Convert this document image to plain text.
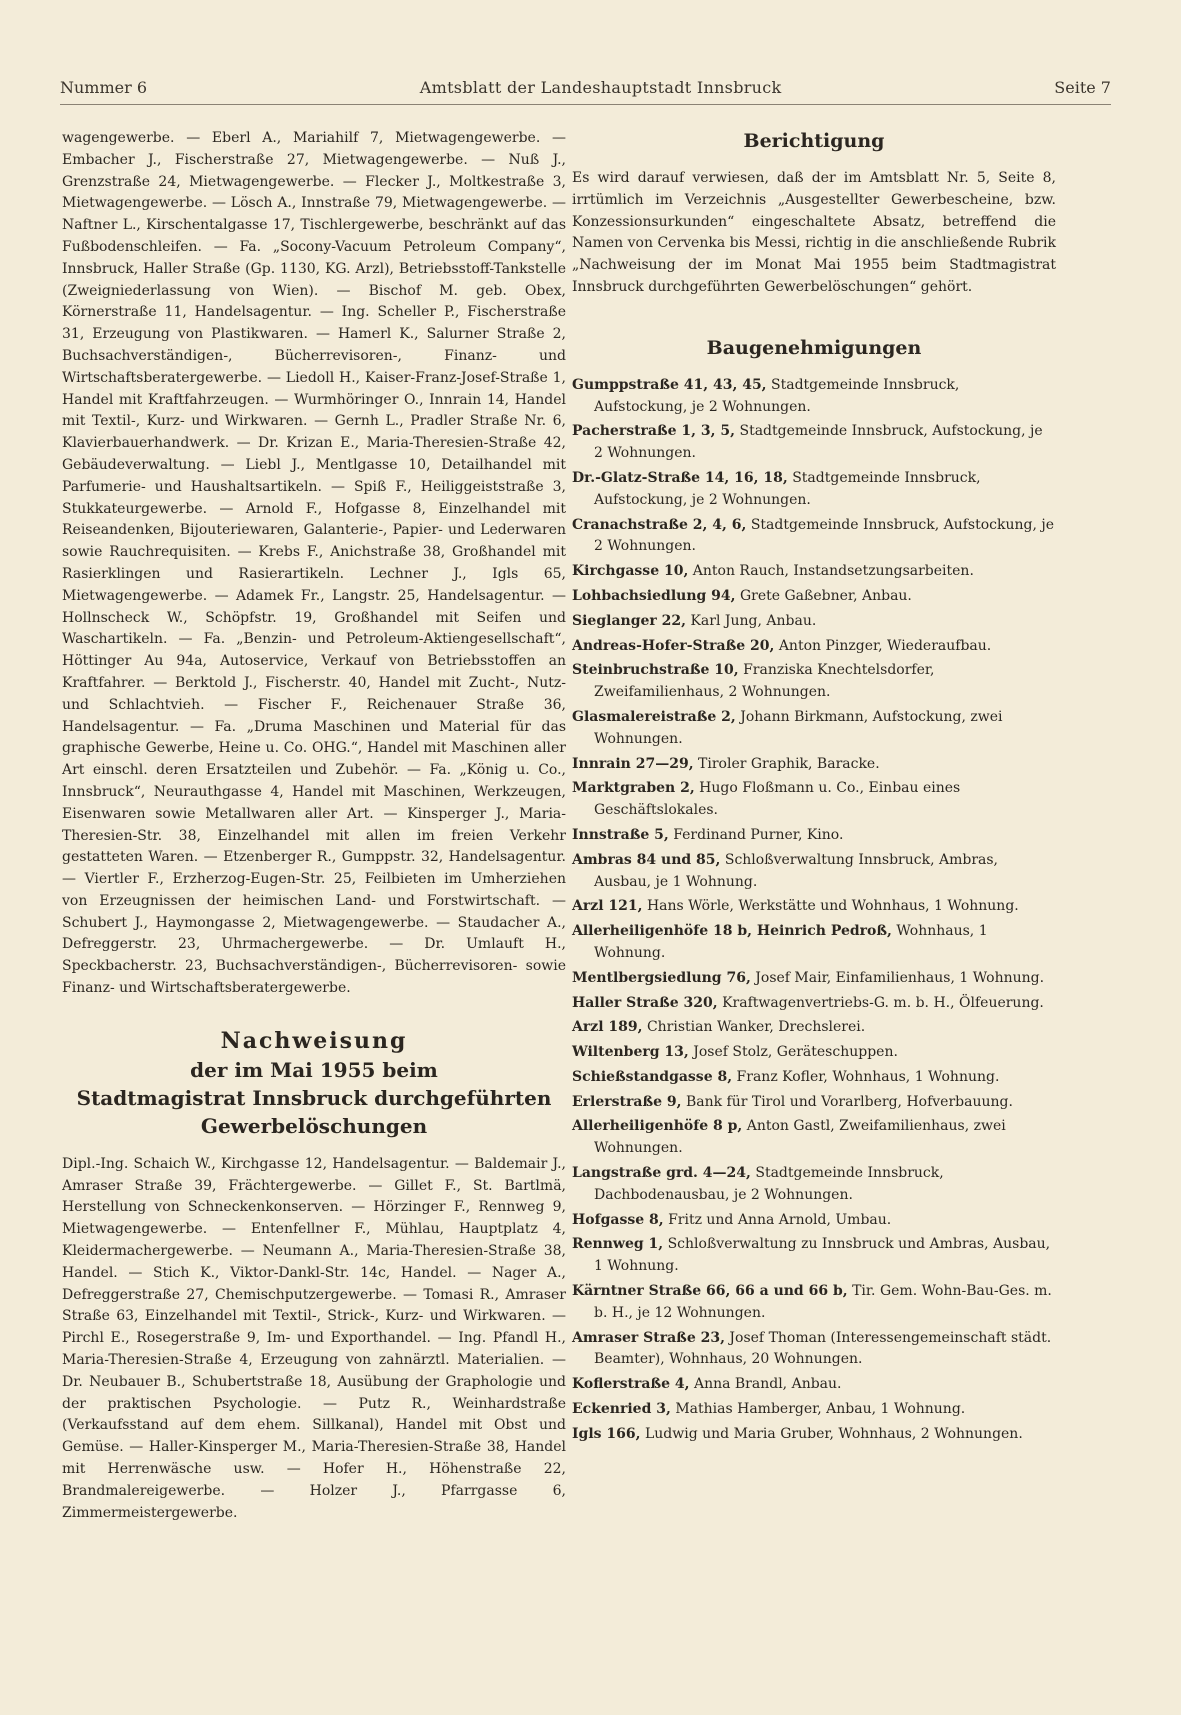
Nummer 6	Amtsblatt der Landeshauptstadt Innsbruck	Seite 7

wagengewerbe. — Eberl A., Mariahilf 7, Mietwagengewerbe. — Embacher J., Fischerstraße 27, Mietwagengewerbe. — Nuß J., Grenzstraße 24, Mietwagengewerbe. — Flecker J., Moltkestraße 3, Mietwagengewerbe. — Lösch A., Innstraße 79, Mietwagengewerbe. — Naftner L., Kirschentalgasse 17, Tischlergewerbe, beschränkt auf das Fußbodenschleifen. — Fa. „Socony-Vacuum Petroleum Company“, Innsbruck, Haller Straße (Gp. 1130, KG. Arzl), Betriebsstoff-Tankstelle (Zweigniederlassung von Wien). — Bischof M. geb. Obex, Körnerstraße 11, Handelsagentur. — Ing. Scheller P., Fischerstraße 31, Erzeugung von Plastikwaren. — Hamerl K., Salurner Straße 2, Buchsachverständigen-, Bücherrevisoren-, Finanz- und Wirtschaftsberatergewerbe. — Liedoll H., Kaiser-Franz-Josef-Straße 1, Handel mit Kraftfahrzeugen. — Wurmhöringer O., Innrain 14, Handel mit Textil-, Kurz- und Wirkwaren. — Gernh L., Pradler Straße Nr. 6, Klavierbauerhandwerk. — Dr. Krizan E., Maria-Theresien-Straße 42, Gebäudeverwaltung. — Liebl J., Mentlgasse 10, Detailhandel mit Parfumerie- und Haushaltsartikeln. — Spiß F., Heiliggeiststraße 3, Stukkateurgewerbe. — Arnold F., Hofgasse 8, Einzelhandel mit Reiseandenken, Bijouteriewaren, Galanterie-, Papier- und Lederwaren sowie Rauchrequisiten. — Krebs F., Anichstraße 38, Großhandel mit Rasierklingen und Rasierartikeln. Lechner J., Igls 65, Mietwagengewerbe. — Adamek Fr., Langstr. 25, Handelsagentur. — Hollnscheck W., Schöpfstr. 19, Großhandel mit Seifen und Waschartikeln. — Fa. „Benzin- und Petroleum-Aktiengesellschaft“, Höttinger Au 94a, Autoservice, Verkauf von Betriebsstoffen an Kraftfahrer. — Berktold J., Fischerstr. 40, Handel mit Zucht-, Nutz- und Schlachtvieh. — Fischer F., Reichenauer Straße 36, Handelsagentur. — Fa. „Druma Maschinen und Material für das graphische Gewerbe, Heine u. Co. OHG.“, Handel mit Maschinen aller Art einschl. deren Ersatzteilen und Zubehör. — Fa. „König u. Co., Innsbruck“, Neurauthgasse 4, Handel mit Maschinen, Werkzeugen, Eisenwaren sowie Metallwaren aller Art. — Kinsperger J., Maria-Theresien-Str. 38, Einzelhandel mit allen im freien Verkehr gestatteten Waren. — Etzenberger R., Gumppstr. 32, Handelsagentur. — Viertler F., Erzherzog-Eugen-Str. 25, Feilbieten im Umherziehen von Erzeugnissen der heimischen Land- und Forstwirtschaft. — Schubert J., Haymongasse 2, Mietwagengewerbe. — Staudacher A., Defreggerstr. 23, Uhrmachergewerbe. — Dr. Umlauft H., Speckbacherstr. 23, Buchsachverständigen-, Bücherrevisoren- sowie Finanz- und Wirtschaftsberatergewerbe.

Nachweisung

der im Mai 1955 beim

Stadtmagistrat Innsbruck durchgeführten

Gewerbelöschungen

Dipl.-Ing. Schaich W., Kirchgasse 12, Handelsagentur. — Baldemair J., Amraser Straße 39, Frächtergewerbe. — Gillet F., St. Bartlmä, Herstellung von Schneckenkonserven. — Hörzinger F., Rennweg 9, Mietwagengewerbe. — Entenfellner F., Mühlau, Hauptplatz 4, Kleidermachergewerbe. — Neumann A., Maria-Theresien-Straße 38, Handel. — Stich K., Viktor-Dankl-Str. 14c, Handel. — Nager A., Defreggerstraße 27, Chemischputzergewerbe. — Tomasi R., Amraser Straße 63, Einzelhandel mit Textil-, Strick-, Kurz- und Wirkwaren. — Pirchl E., Rosegerstraße 9, Im- und Exporthandel. — Ing. Pfandl H., Maria-Theresien-Straße 4, Erzeugung von zahnärztl. Materialien. — Dr. Neubauer B., Schubertstraße 18, Ausübung der Graphologie und der praktischen Psychologie. — Putz R., Weinhardstraße (Verkaufsstand auf dem ehem. Sillkanal), Handel mit Obst und Gemüse. — Haller-Kinsperger M., Maria-Theresien-Straße 38, Handel mit Herrenwäsche usw. — Hofer H., Höhenstraße 22, Brandmalereigewerbe. — Holzer J., Pfarrgasse 6, Zimmermeistergewerbe.

Berichtigung

Es wird darauf verwiesen, daß der im Amtsblatt Nr. 5, Seite 8, irrtümlich im Verzeichnis „Ausgestellter Gewerbescheine, bzw. Konzessionsurkunden“ eingeschaltete Absatz, betreffend die Namen von Cervenka bis Messi, richtig in die anschließende Rubrik „Nachweisung der im Monat Mai 1955 beim Stadtmagistrat Innsbruck durchgeführten Gewerbelöschungen“ gehört.

Baugenehmigungen

Gumppstraße 41, 43, 45, Stadtgemeinde Innsbruck, Aufstockung, je 2 Wohnungen.

Pacherstraße 1, 3, 5, Stadtgemeinde Innsbruck, Aufstockung, je 2 Wohnungen.

Dr.-Glatz-Straße 14, 16, 18, Stadtgemeinde Innsbruck, Aufstockung, je 2 Wohnungen.

Cranachstraße 2, 4, 6, Stadtgemeinde Innsbruck, Aufstockung, je 2 Wohnungen.

Kirchgasse 10, Anton Rauch, Instandsetzungsarbeiten.

Lohbachsiedlung 94, Grete Gaßebner, Anbau.

Sieglanger 22, Karl Jung, Anbau.

Andreas-Hofer-Straße 20, Anton Pinzger, Wiederaufbau.

Steinbruchstraße 10, Franziska Knechtelsdorfer, Zweifamilienhaus, 2 Wohnungen.

Glasmalereistraße 2, Johann Birkmann, Aufstockung, zwei Wohnungen.

Innrain 27—29, Tiroler Graphik, Baracke.

Marktgraben 2, Hugo Floßmann u. Co., Einbau eines Geschäftslokales.

Innstraße 5, Ferdinand Purner, Kino.

Ambras 84 und 85, Schloßverwaltung Innsbruck, Ambras, Ausbau, je 1 Wohnung.

Arzl 121, Hans Wörle, Werkstätte und Wohnhaus, 1 Wohnung.

Allerheiligenhöfe 18 b, Heinrich Pedroß, Wohnhaus, 1 Wohnung.

Mentlbergsiedlung 76, Josef Mair, Einfamilienhaus, 1 Wohnung.

Haller Straße 320, Kraftwagenvertriebs-G. m. b. H., Ölfeuerung.

Arzl 189, Christian Wanker, Drechslerei.

Wiltenberg 13, Josef Stolz, Geräteschuppen.

Schießstandgasse 8, Franz Kofler, Wohnhaus, 1 Wohnung.

Erlerstraße 9, Bank für Tirol und Vorarlberg, Hofverbauung.

Allerheiligenhöfe 8 p, Anton Gastl, Zweifamilienhaus, zwei Wohnungen.

Langstraße grd. 4—24, Stadtgemeinde Innsbruck, Dachbodenausbau, je 2 Wohnungen.

Hofgasse 8, Fritz und Anna Arnold, Umbau.

Rennweg 1, Schloßverwaltung zu Innsbruck und Ambras, Ausbau, 1 Wohnung.

Kärntner Straße 66, 66 a und 66 b, Tir. Gem. Wohn-Bau-Ges. m. b. H., je 12 Wohnungen.

Amraser Straße 23, Josef Thoman (Interessengemeinschaft städt. Beamter), Wohnhaus, 20 Wohnungen.

Koflerstraße 4, Anna Brandl, Anbau.

Eckenried 3, Mathias Hamberger, Anbau, 1 Wohnung.

Igls 166, Ludwig und Maria Gruber, Wohnhaus, 2 Wohnungen.
